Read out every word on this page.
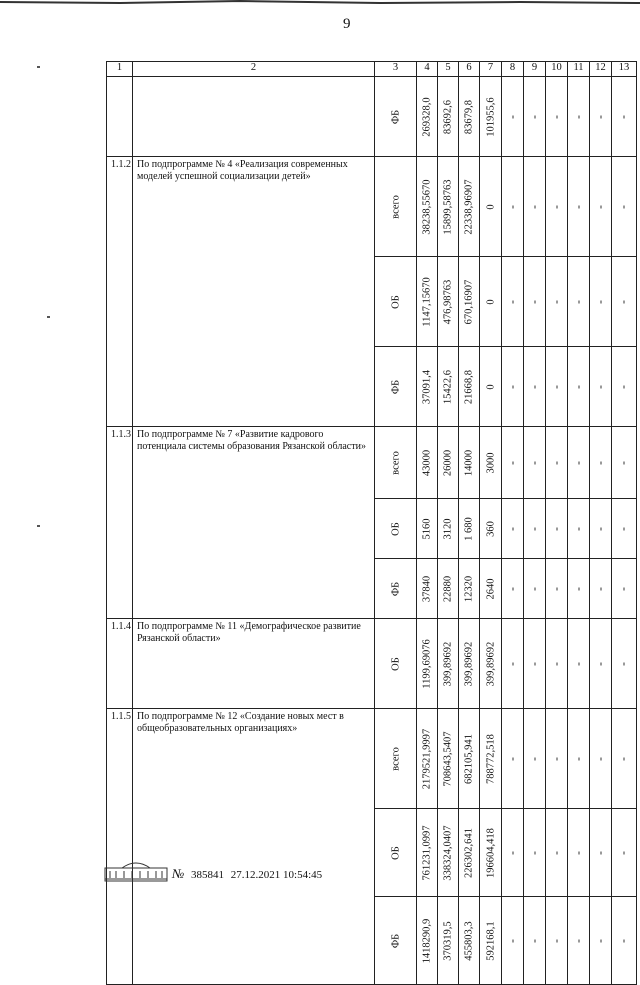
9
1	2	3	4	5	6	7	8	9	10	11	12	13

		ФБ	269328,0	83692,6	83679,8	101955,6						

1.1.2	По подпрограмме № 4 «Реализация современных моделей успешной социализации детей»	всего	38238,55670	15899,58763	22338,96907	0						

		ОБ	1147,15670	476,98763	670,16907	0						

		ФБ	37091,4	15422,6	21668,8	0						

1.1.3	По подпрограмме № 7 «Развитие кадрового потенциала системы образования Рязанской области»	всего	43000	26000	14000	3000						

		ОБ	5160	3120	1 680	360						

		ФБ	37840	22880	12320	2640						

1.1.4	По подпрограмме № 11 «Демографическое развитие Рязанской области»	ОБ	1199,69076	399,89692	399,89692	399,89692						

1.1.5	По подпрограмме № 12 «Создание новых мест в общеобразовательных организациях»	всего	2179521,9997	708643,5407	682105,941	788772,518						

		ОБ	761231,0997	338324,0407	226302,641	196604,418						

		ФБ	1418290,9	370319,5	455803,3	592168,1						

№ 385841 27.12.2021 10:54:45
